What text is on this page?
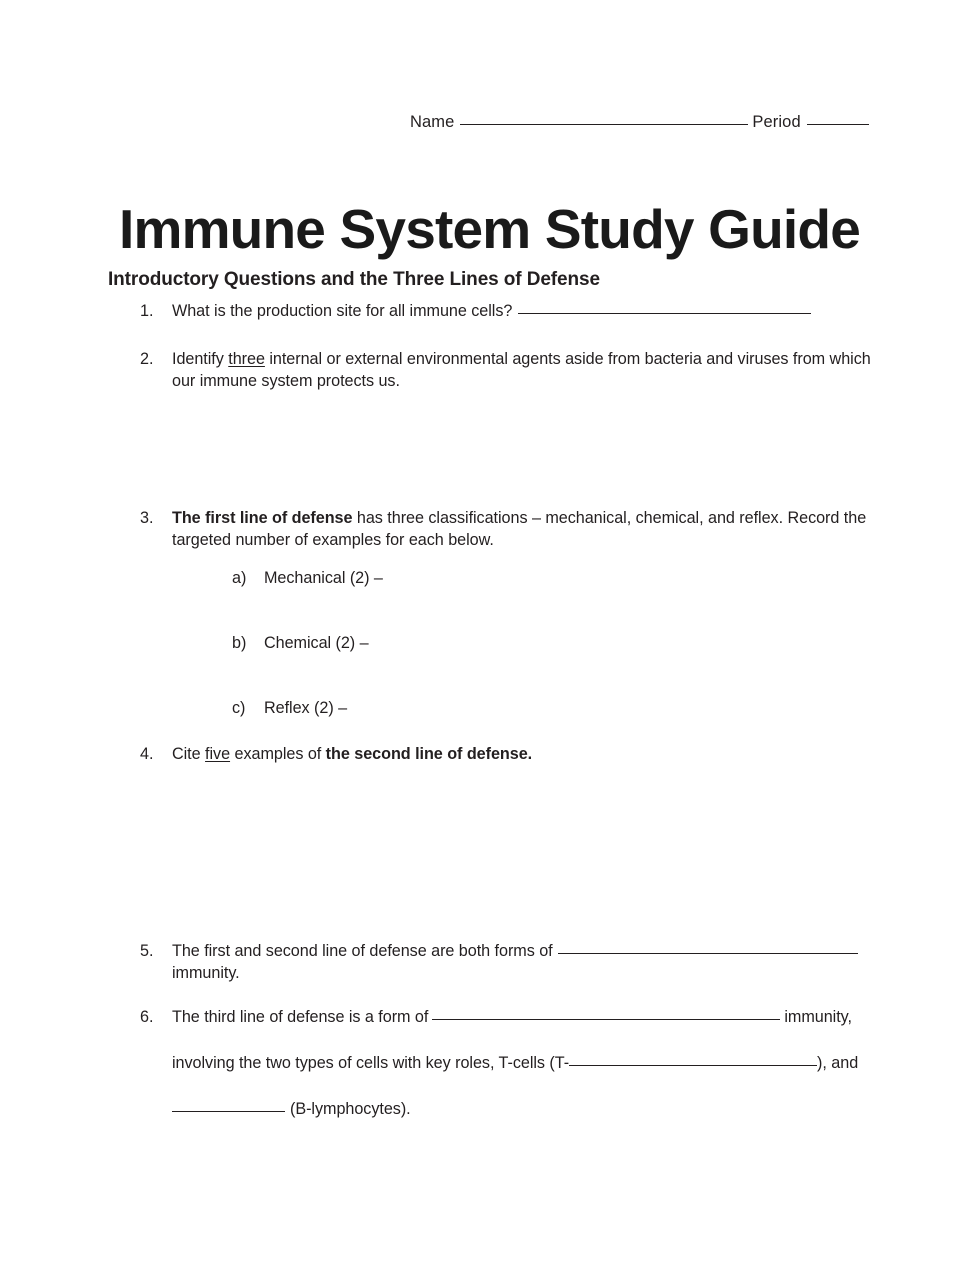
Name	Period
Immune System Study Guide
Introductory Questions and the Three Lines of Defense
1.	What is the production site for all immune cells?
2.	Identify three internal or external environmental agents aside from bacteria and viruses from which our immune system protects us.
3.	The first line of defense has three classifications – mechanical, chemical, and reflex. Record the targeted number of examples for each below.
a) Mechanical (2) –
b) Chemical (2) –
c) Reflex (2) –
4.	Cite five examples of the second line of defense.
5.	The first and second line of defense are both forms of
immunity.
6.	The third line of defense is a form of	immunity,
involving the two types of cells with key roles, T-cells (T-	), and
(B-lymphocytes).
